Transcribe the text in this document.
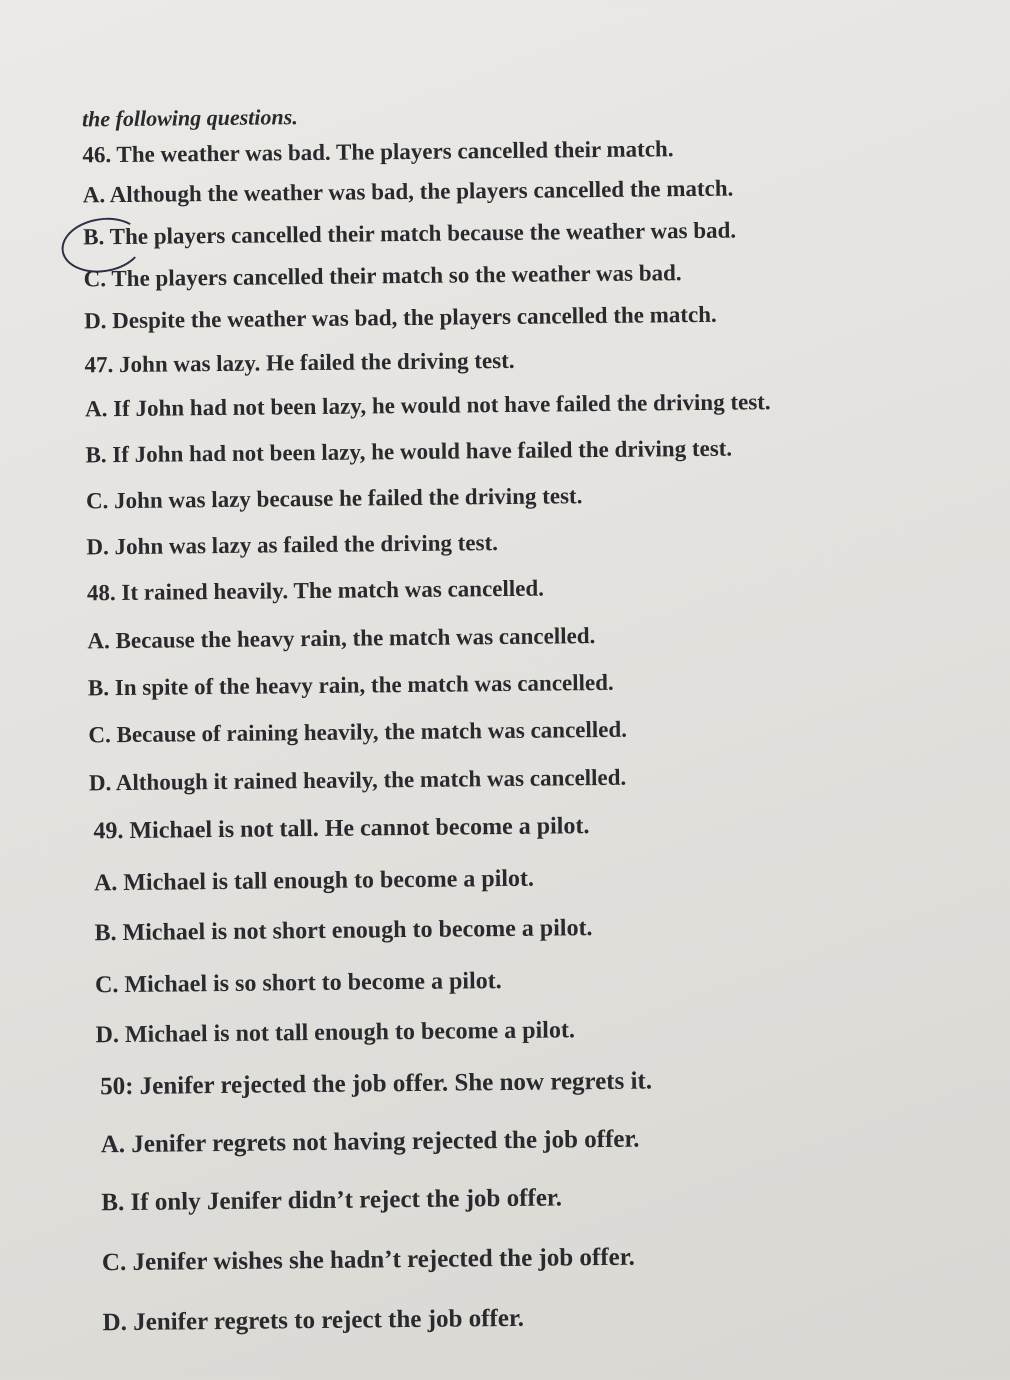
the following questions.
46. The weather was bad. The players cancelled their match.
A. Although the weather was bad, the players cancelled the match.
B. The players cancelled their match because the weather was bad.
C. The players cancelled their match so the weather was bad.
D. Despite the weather was bad, the players cancelled the match.
47. John was lazy. He failed the driving test.
A. If John had not been lazy, he would not have failed the driving test.
B. If John had not been lazy, he would have failed the driving test.
C. John was lazy because he failed the driving test.
D. John was lazy as failed the driving test.
48. It rained heavily. The match was cancelled.
A. Because the heavy rain, the match was cancelled.
B. In spite of the heavy rain, the match was cancelled.
C. Because of raining heavily, the match was cancelled.
D. Although it rained heavily, the match was cancelled.
49. Michael is not tall. He cannot become a pilot.
A. Michael is tall enough to become a pilot.
B. Michael is not short enough to become a pilot.
C. Michael is so short to become a pilot.
D. Michael is not tall enough to become a pilot.
50: Jenifer rejected the job offer. She now regrets it.
A. Jenifer regrets not having rejected the job offer.
B. If only Jenifer didn’t reject the job offer.
C. Jenifer wishes she hadn’t rejected the job offer.
D. Jenifer regrets to reject the job offer.
